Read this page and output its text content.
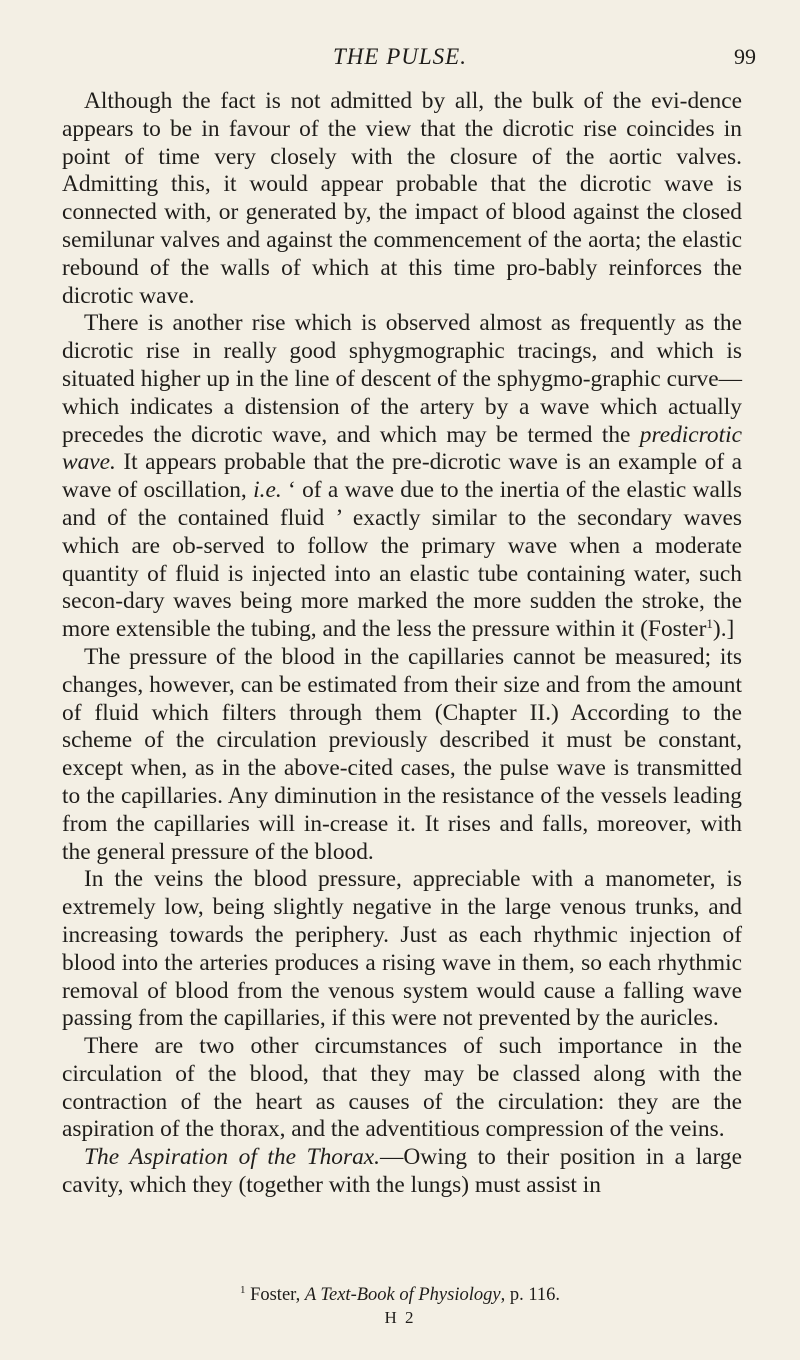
THE PULSE.	99

Although the fact is not admitted by all, the bulk of the evi-dence appears to be in favour of the view that the dicrotic rise coincides in point of time very closely with the closure of the aortic valves. Admitting this, it would appear probable that the dicrotic wave is connected with, or generated by, the impact of blood against the closed semilunar valves and against the commencement of the aorta; the elastic rebound of the walls of which at this time pro-bably reinforces the dicrotic wave.

There is another rise which is observed almost as frequently as the dicrotic rise in really good sphygmographic tracings, and which is situated higher up in the line of descent of the sphygmo-graphic curve—which indicates a distension of the artery by a wave which actually precedes the dicrotic wave, and which may be termed the predicrotic wave. It appears probable that the pre-dicrotic wave is an example of a wave of oscillation, i.e. ‘ of a wave due to the inertia of the elastic walls and of the contained fluid ’ exactly similar to the secondary waves which are ob-served to follow the primary wave when a moderate quantity of fluid is injected into an elastic tube containing water, such secon-dary waves being more marked the more sudden the stroke, the more extensible the tubing, and the less the pressure within it (Foster$^1$).]

The pressure of the blood in the capillaries cannot be measured; its changes, however, can be estimated from their size and from the amount of fluid which filters through them (Chapter II.) According to the scheme of the circulation previously described it must be constant, except when, as in the above-cited cases, the pulse wave is transmitted to the capillaries. Any diminution in the resistance of the vessels leading from the capillaries will in-crease it. It rises and falls, moreover, with the general pressure of the blood.

In the veins the blood pressure, appreciable with a manometer, is extremely low, being slightly negative in the large venous trunks, and increasing towards the periphery. Just as each rhythmic injection of blood into the arteries produces a rising wave in them, so each rhythmic removal of blood from the venous system would cause a falling wave passing from the capillaries, if this were not prevented by the auricles.

There are two other circumstances of such importance in the circulation of the blood, that they may be classed along with the contraction of the heart as causes of the circulation: they are the aspiration of the thorax, and the adventitious compression of the veins.

The Aspiration of the Thorax.—Owing to their position in a large cavity, which they (together with the lungs) must assist in

$^1$ Foster, A Text-Book of Physiology, p. 116.
H 2
